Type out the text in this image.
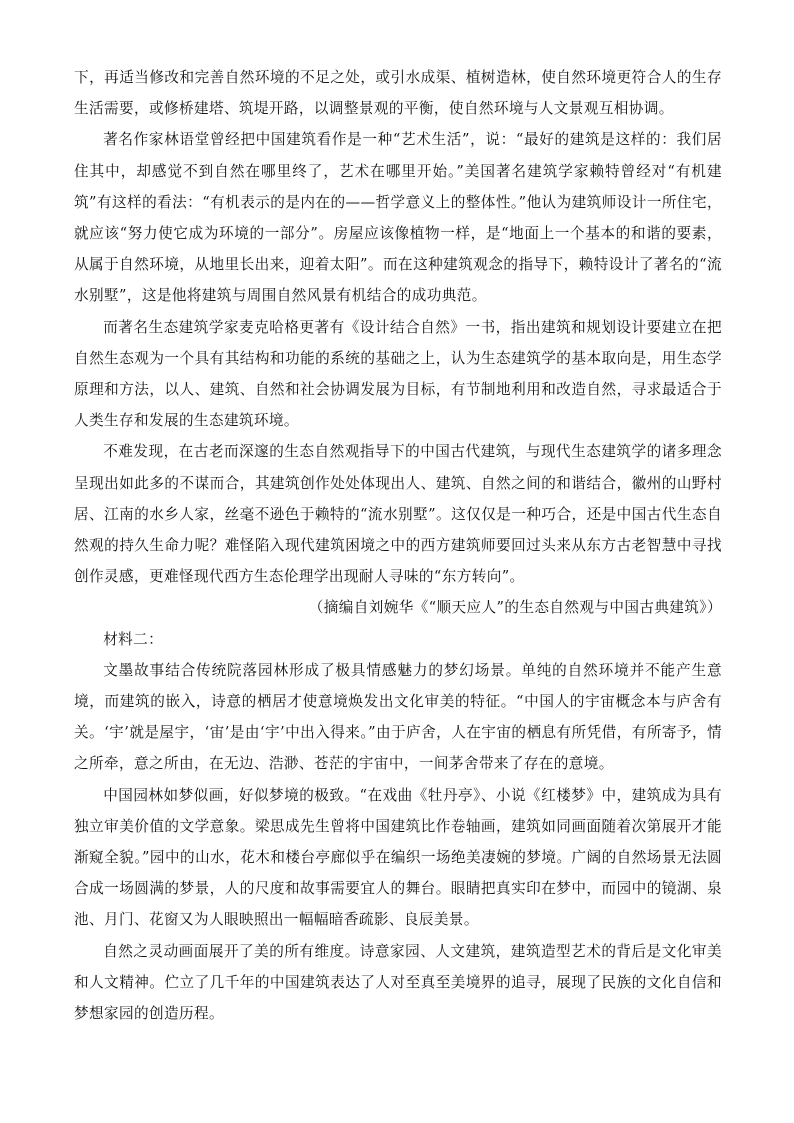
下，再适当修改和完善自然环境的不足之处，或引水成渠、植树造林，使自然环境更符合人的生存生活需要，或修桥建塔、筑堤开路，以调整景观的平衡，使自然环境与人文景观互相协调。

著名作家林语堂曾经把中国建筑看作是一种“艺术生活”，说：“最好的建筑是这样的：我们居住其中，却感觉不到自然在哪里终了，艺术在哪里开始。”美国著名建筑学家赖特曾经对“有机建筑”有这样的看法：“有机表示的是内在的——哲学意义上的整体性。”他认为建筑师设计一所住宅，就应该“努力使它成为环境的一部分”。房屋应该像植物一样，是“地面上一个基本的和谐的要素，从属于自然环境，从地里长出来，迎着太阳”。而在这种建筑观念的指导下，赖特设计了著名的“流水别墅”，这是他将建筑与周围自然风景有机结合的成功典范。

而著名生态建筑学家麦克哈格更著有《设计结合自然》一书，指出建筑和规划设计要建立在把自然生态观为一个具有其结构和功能的系统的基础之上，认为生态建筑学的基本取向是，用生态学原理和方法，以人、建筑、自然和社会协调发展为目标，有节制地利用和改造自然，寻求最适合于人类生存和发展的生态建筑环境。

不难发现，在古老而深邃的生态自然观指导下的中国古代建筑，与现代生态建筑学的诸多理念呈现出如此多的不谋而合，其建筑创作处处体现出人、建筑、自然之间的和谐结合，徽州的山野村居、江南的水乡人家，丝毫不逊色于赖特的“流水别墅”。这仅仅是一种巧合，还是中国古代生态自然观的持久生命力呢？难怪陷入现代建筑困境之中的西方建筑师要回过头来从东方古老智慧中寻找创作灵感，更难怪现代西方生态伦理学出现耐人寻味的“东方转向”。

（摘编自刘婉华《“顺天应人”的生态自然观与中国古典建筑》）

材料二：

文墨故事结合传统院落园林形成了极具情感魅力的梦幻场景。单纯的自然环境并不能产生意境，而建筑的嵌入，诗意的栖居才使意境焕发出文化审美的特征。“中国人的宇宙概念本与庐舍有关。‘宇’就是屋宇，‘宙’是由‘宇’中出入得来。”由于庐舍，人在宇宙的栖息有所凭借，有所寄予，情之所牵，意之所由，在无边、浩渺、苍茫的宇宙中，一间茅舍带来了存在的意境。

中国园林如梦似画，好似梦境的极致。“在戏曲《牡丹亭》、小说《红楼梦》中，建筑成为具有独立审美价值的文学意象。梁思成先生曾将中国建筑比作卷轴画，建筑如同画面随着次第展开才能渐窥全貌。”园中的山水，花木和楼台亭廊似乎在编织一场绝美凄婉的梦境。广阔的自然场景无法圆合成一场圆满的梦景，人的尺度和故事需要宜人的舞台。眼睛把真实印在梦中，而园中的镜湖、泉池、月门、花窗又为人眼映照出一幅幅暗香疏影、良辰美景。

自然之灵动画面展开了美的所有维度。诗意家园、人文建筑，建筑造型艺术的背后是文化审美和人文精神。伫立了几千年的中国建筑表达了人对至真至美境界的追寻，展现了民族的文化自信和梦想家园的创造历程。
